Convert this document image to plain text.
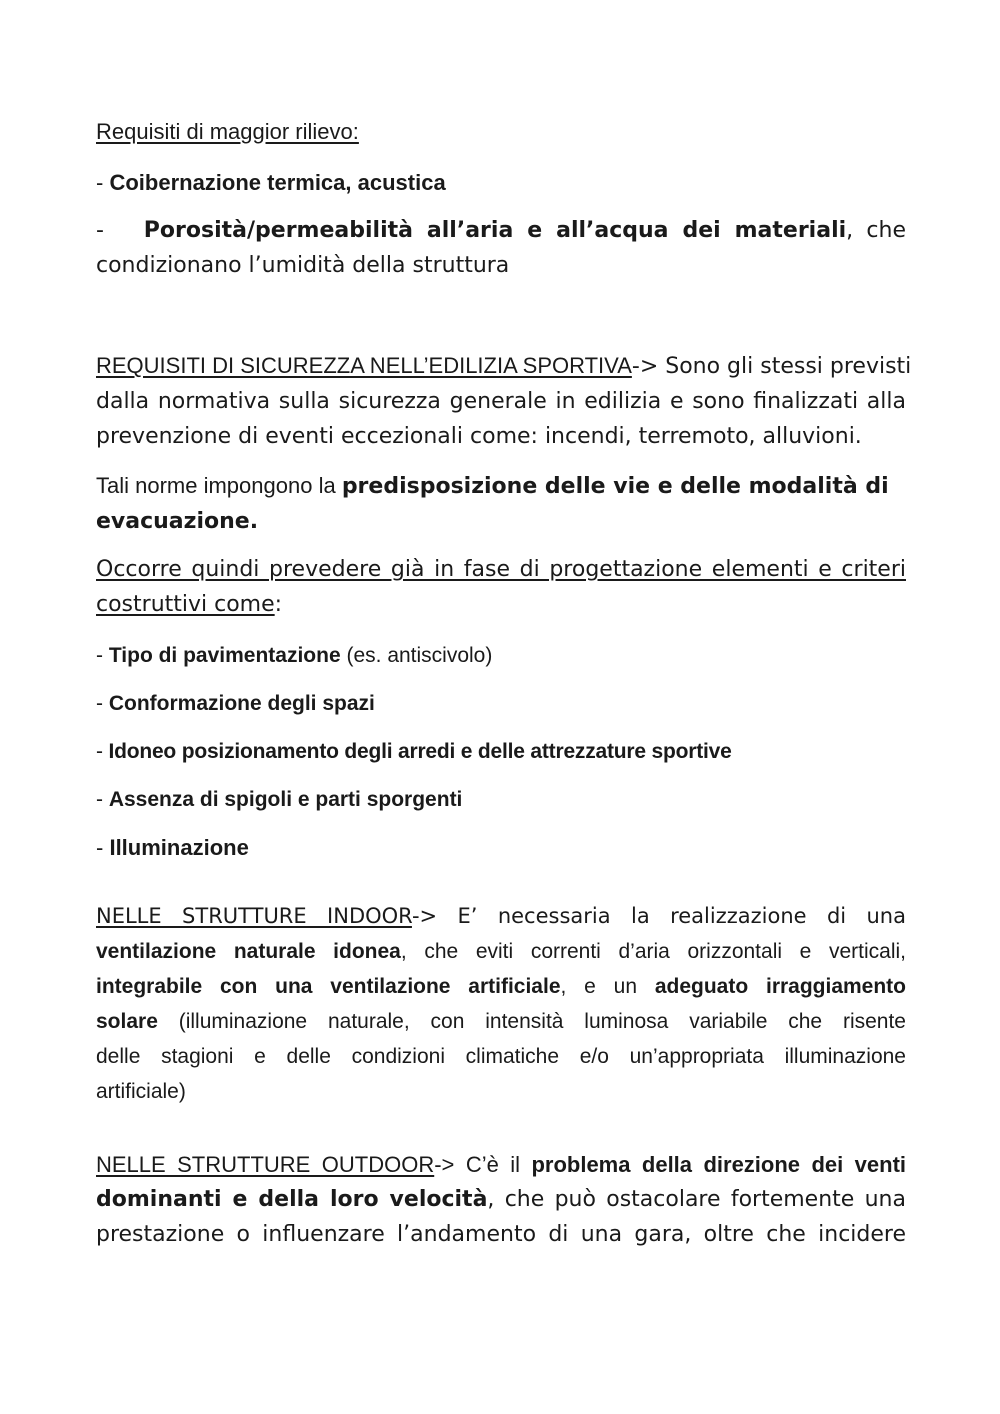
Requisiti di maggior rilievo:

- Coibernazione termica, acustica

- Porosità/permeabilità all’aria e all’acqua dei materiali, che
condizionano l’umidità della struttura

REQUISITI DI SICUREZZA NELL’EDILIZIA SPORTIVA-> Sono gli stessi previsti
dalla normativa sulla sicurezza generale in edilizia e sono finalizzati alla
prevenzione di eventi eccezionali come: incendi, terremoto, alluvioni.

Tali norme impongono la predisposizione delle vie e delle modalità di
evacuazione.

Occorre quindi prevedere già in fase di progettazione elementi e criteri
costruttivi come:

- Tipo di pavimentazione (es. antiscivolo)

- Conformazione degli spazi

- Idoneo posizionamento degli arredi e delle attrezzature sportive

- Assenza di spigoli e parti sporgenti

- Illuminazione

NELLE STRUTTURE INDOOR-> E’ necessaria la realizzazione di una
ventilazione naturale idonea, che eviti correnti d’aria orizzontali e verticali,
integrabile con una ventilazione artificiale, e un adeguato irraggiamento
solare (illuminazione naturale, con intensità luminosa variabile che risente
delle stagioni e delle condizioni climatiche e/o un’appropriata illuminazione
artificiale)

NELLE STRUTTURE OUTDOOR-> C’è il problema della direzione dei venti
dominanti e della loro velocità, che può ostacolare fortemente una
prestazione o influenzare l’andamento di una gara, oltre che incidere
